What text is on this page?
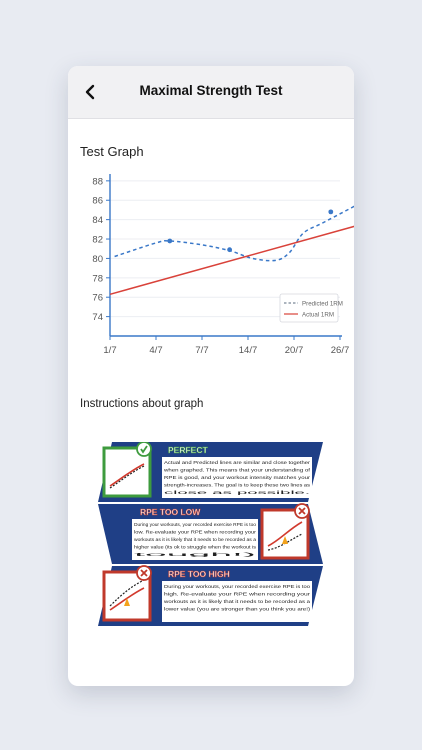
Maximal Strength Test
Test Graph
74
76
78
80
82
84
86
88
1/7	4/7	7/7	14/7	20/7	26/7
Predicted 1RM
Actual 1RM
Instructions about graph
PERFECT
Actual and Predicted lines are similar and close together
when graphed. This means that your understanding of
RPE is good, and your workout intensity matches your
strength-increases. The goal is to keep these two lines as
close as possible.
RPE TOO LOW
During your workouts, your recorded exercise RPE is too
low. Re-evaluate your RPE when recording your
workouts as it is likely that it needs to be recorded as a
higher value (its ok to struggle when the workout is
tough!)
RPE TOO HIGH
During your workouts, your recorded exercise RPE is too
high. Re-evaluate your RPE when recording your
workouts as it is likely that it needs to be recorded as a
lower value (you are stronger than you think you are!)
